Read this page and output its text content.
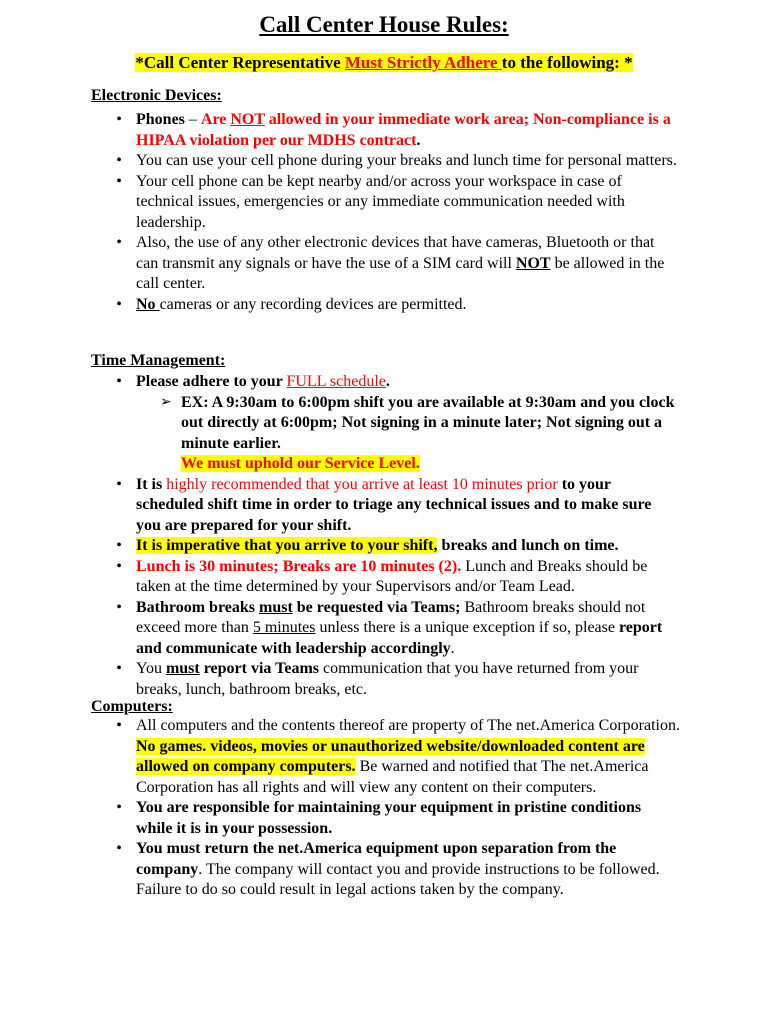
Call Center House Rules:
*Call Center Representative Must Strictly Adhere to the following: *
Electronic Devices:
• Phones – Are NOT allowed in your immediate work area; Non-compliance is a HIPAA violation per our MDHS contract.
• You can use your cell phone during your breaks and lunch time for personal matters.
• Your cell phone can be kept nearby and/or across your workspace in case of technical issues, emergencies or any immediate communication needed with leadership.
• Also, the use of any other electronic devices that have cameras, Bluetooth or that can transmit any signals or have the use of a SIM card will NOT be allowed in the call center.
• No cameras or any recording devices are permitted.
Time Management:
• Please adhere to your FULL schedule.
➢ EX: A 9:30am to 6:00pm shift you are available at 9:30am and you clock out directly at 6:00pm; Not signing in a minute later; Not signing out a minute earlier.
We must uphold our Service Level.
• It is highly recommended that you arrive at least 10 minutes prior to your scheduled shift time in order to triage any technical issues and to make sure you are prepared for your shift.
• It is imperative that you arrive to your shift, breaks and lunch on time.
• Lunch is 30 minutes; Breaks are 10 minutes (2). Lunch and Breaks should be taken at the time determined by your Supervisors and/or Team Lead.
• Bathroom breaks must be requested via Teams; Bathroom breaks should not exceed more than 5 minutes unless there is a unique exception if so, please report and communicate with leadership accordingly.
• You must report via Teams communication that you have returned from your breaks, lunch, bathroom breaks, etc.
Computers:
• All computers and the contents thereof are property of The net.America Corporation. No games. videos, movies or unauthorized website/downloaded content are allowed on company computers. Be warned and notified that The net.America Corporation has all rights and will view any content on their computers.
• You are responsible for maintaining your equipment in pristine conditions while it is in your possession.
• You must return the net.America equipment upon separation from the company. The company will contact you and provide instructions to be followed. Failure to do so could result in legal actions taken by the company.
